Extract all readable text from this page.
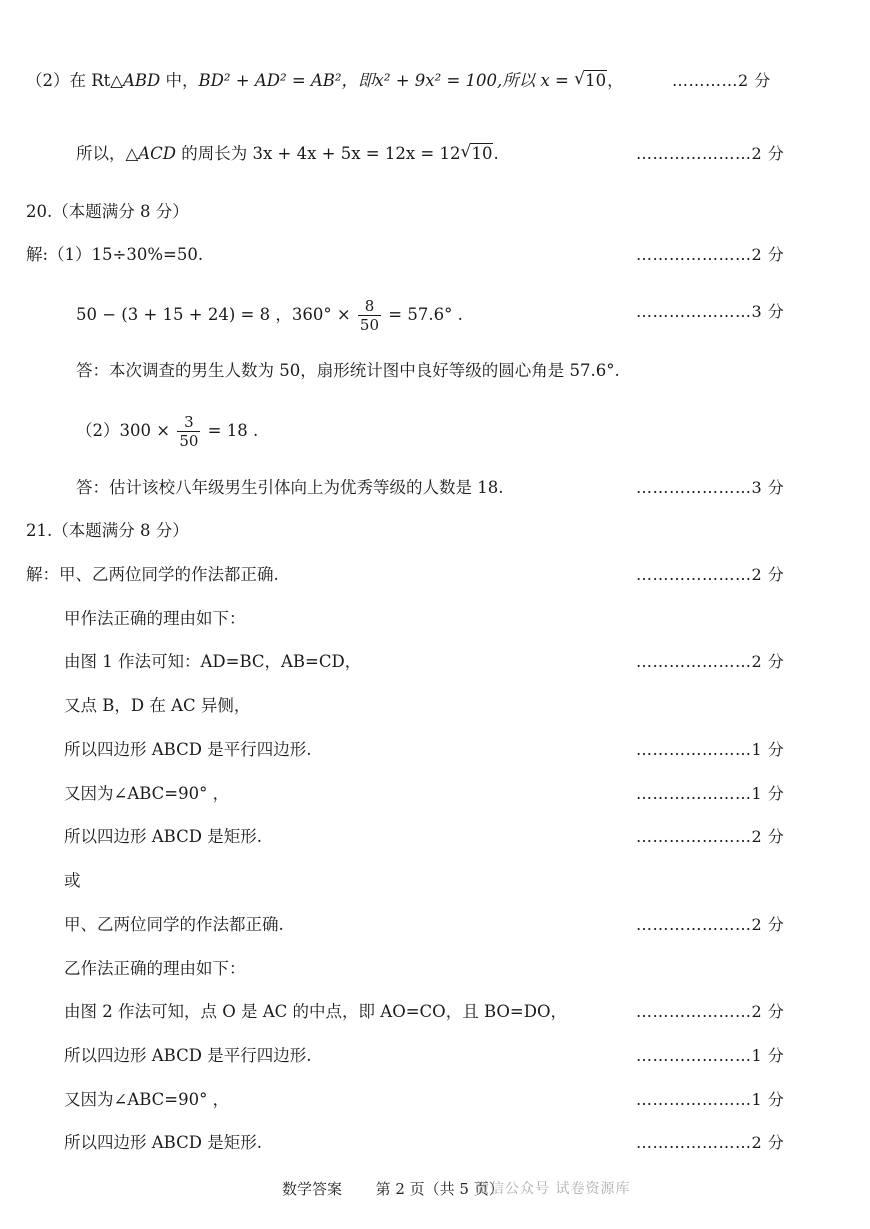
（2）在 Rt△ABD 中，BD² + AD² = AB²，即x² + 9x² = 100,所以 x = √ 10，	…………2 分
所以，△ACD 的周长为 3x + 4x + 5x = 12x = 12√ 10.	…………………2 分
20.（本题满分 8 分）
解:（1）15÷30%=50.	…………………2 分
50 − (3 + 15 + 24) = 8 ，$360^\circ \times \frac{8}{50} = 57.6^\circ$ .	…………………3 分
答：本次调查的男生人数为 50，扇形统计图中良好等级的圆心角是 57.6°.
$(2)300 \times \frac{3}{50} = 18$ .
答：估计该校八年级男生引体向上为优秀等级的人数是 18.	…………………3 分
21.（本题满分 8 分）
解：甲、乙两位同学的作法都正确.	…………………2 分
甲作法正确的理由如下：
由图 1 作法可知：AD=BC，AB=CD，	…………………2 分
又点 B，D 在 AC 异侧，
所以四边形 ABCD 是平行四边形.	…………………1 分
又因为∠ABC=90° ，	…………………1 分
所以四边形 ABCD 是矩形.	…………………2 分
或
甲、乙两位同学的作法都正确.	…………………2 分
乙作法正确的理由如下：
由图 2 作法可知，点 O 是 AC 的中点，即 AO=CO，且 BO=DO，	…………………2 分
所以四边形 ABCD 是平行四边形.	…………………1 分
又因为∠ABC=90° ，	…………………1 分
所以四边形 ABCD 是矩形.	…………………2 分
数学答案 第 2 页（共 5 页）
微信公众号 试卷资源库
